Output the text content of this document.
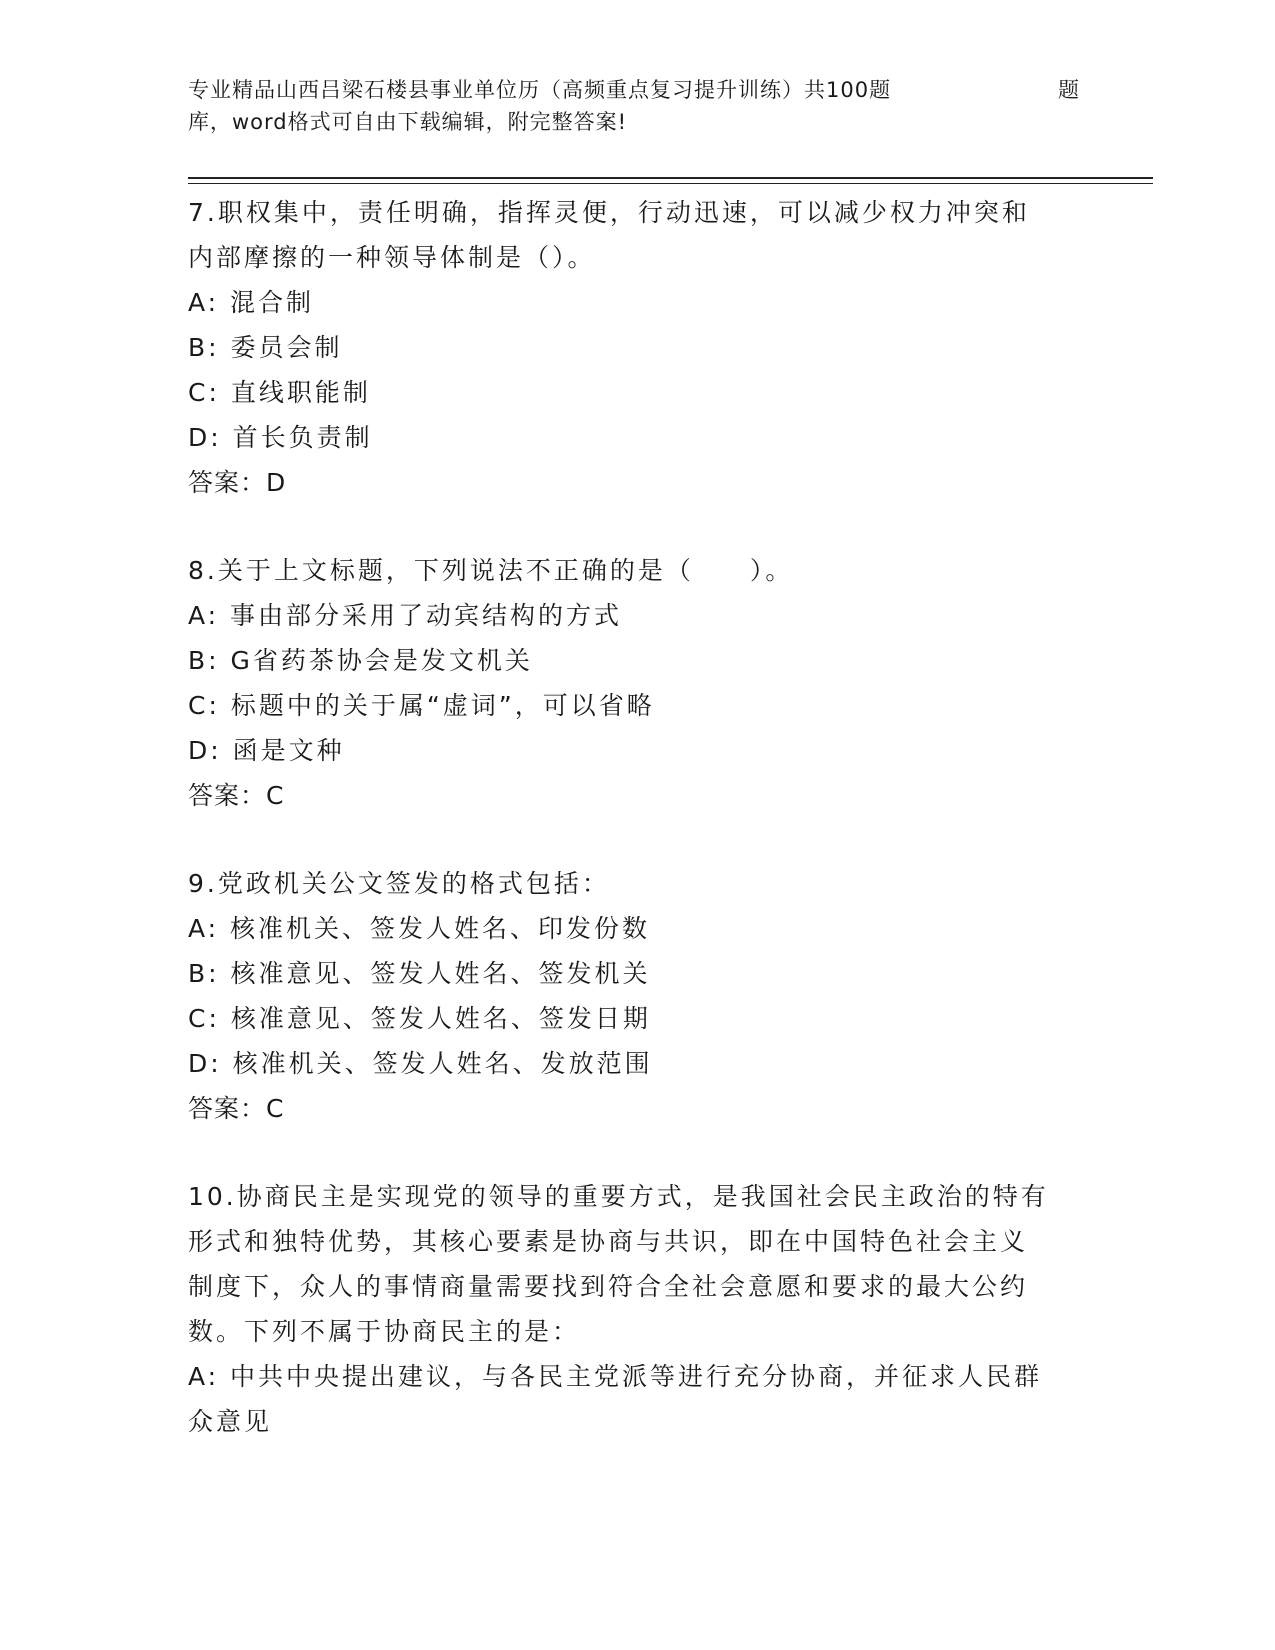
专业精品山西吕梁石楼县事业单位历（高频重点复习提升训练）共100题	题
库，word格式可自由下载编辑，附完整答案!
7.职权集中，责任明确，指挥灵便，行动迅速，可以减少权力冲突和
内部摩擦的一种领导体制是（）。
A: 混合制
B: 委员会制
C: 直线职能制
D: 首长负责制
答案：D
8.关于上文标题，下列说法不正确的是（　　）。
A: 事由部分采用了动宾结构的方式
B: G省药茶协会是发文机关
C: 标题中的关于属“虚词”，可以省略
D: 函是文种
答案：C
9.党政机关公文签发的格式包括：
A: 核准机关、签发人姓名、印发份数
B: 核准意见、签发人姓名、签发机关
C: 核准意见、签发人姓名、签发日期
D: 核准机关、签发人姓名、发放范围
答案：C
10.协商民主是实现党的领导的重要方式，是我国社会民主政治的特有
形式和独特优势，其核心要素是协商与共识，即在中国特色社会主义
制度下，众人的事情商量需要找到符合全社会意愿和要求的最大公约
数。下列不属于协商民主的是：
A: 中共中央提出建议，与各民主党派等进行充分协商，并征求人民群
众意见
